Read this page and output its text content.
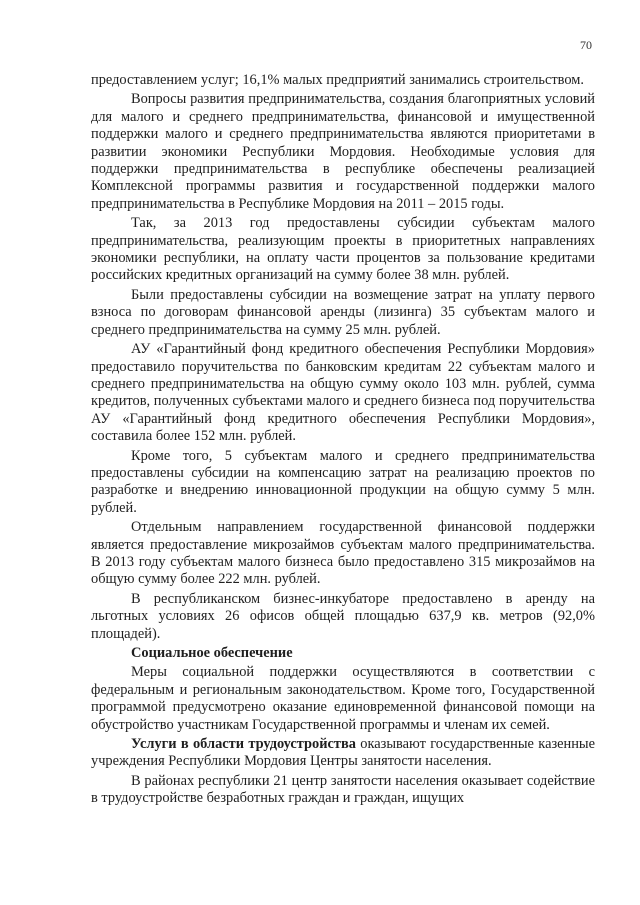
70

предоставлением услуг; 16,1% малых предприятий занимались строительством.

Вопросы развития предпринимательства, создания благоприятных условий для малого и среднего предпринимательства, финансовой и имущественной поддержки малого и среднего предпринимательства являются приоритетами в развитии экономики Республики Мордовия. Необходимые условия для поддержки предпринимательства в республике обеспечены реализацией Комплексной программы развития и государственной поддержки малого предпринимательства в Республике Мордовия на 2011 – 2015 годы.

Так, за 2013 год предоставлены субсидии субъектам малого предпринимательства, реализующим проекты в приоритетных направлениях экономики республики, на оплату части процентов за пользование кредитами российских кредитных организаций на сумму более 38 млн. рублей.

Были предоставлены субсидии на возмещение затрат на уплату первого взноса по договорам финансовой аренды (лизинга) 35 субъектам малого и среднего предпринимательства на сумму 25 млн. рублей.

АУ «Гарантийный фонд кредитного обеспечения Республики Мордовия» предоставило поручительства по банковским кредитам 22 субъектам малого и среднего предпринимательства на общую сумму около 103 млн. рублей, сумма кредитов, полученных субъектами малого и среднего бизнеса под поручительства АУ «Гарантийный фонд кредитного обеспечения Республики Мордовия», составила более 152 млн. рублей.

Кроме того, 5 субъектам малого и среднего предпринимательства предоставлены субсидии на компенсацию затрат на реализацию проектов по разработке и внедрению инновационной продукции на общую сумму 5 млн. рублей.

Отдельным направлением государственной финансовой поддержки является предоставление микрозаймов субъектам малого предпринимательства. В 2013 году субъектам малого бизнеса было предоставлено 315 микрозаймов на общую сумму более 222 млн. рублей.

В республиканском бизнес-инкубаторе предоставлено в аренду на льготных условиях 26 офисов общей площадью 637,9 кв. метров (92,0% площадей).

Социальное обеспечение

Меры социальной поддержки осуществляются в соответствии с федеральным и региональным законодательством. Кроме того, Государственной программой предусмотрено оказание единовременной финансовой помощи на обустройство участникам Государственной программы и членам их семей.

Услуги в области трудоустройства оказывают государственные казенные учреждения Республики Мордовия Центры занятости населения.

В районах республики 21 центр занятости населения оказывает содействие в трудоустройстве безработных граждан и граждан, ищущих
